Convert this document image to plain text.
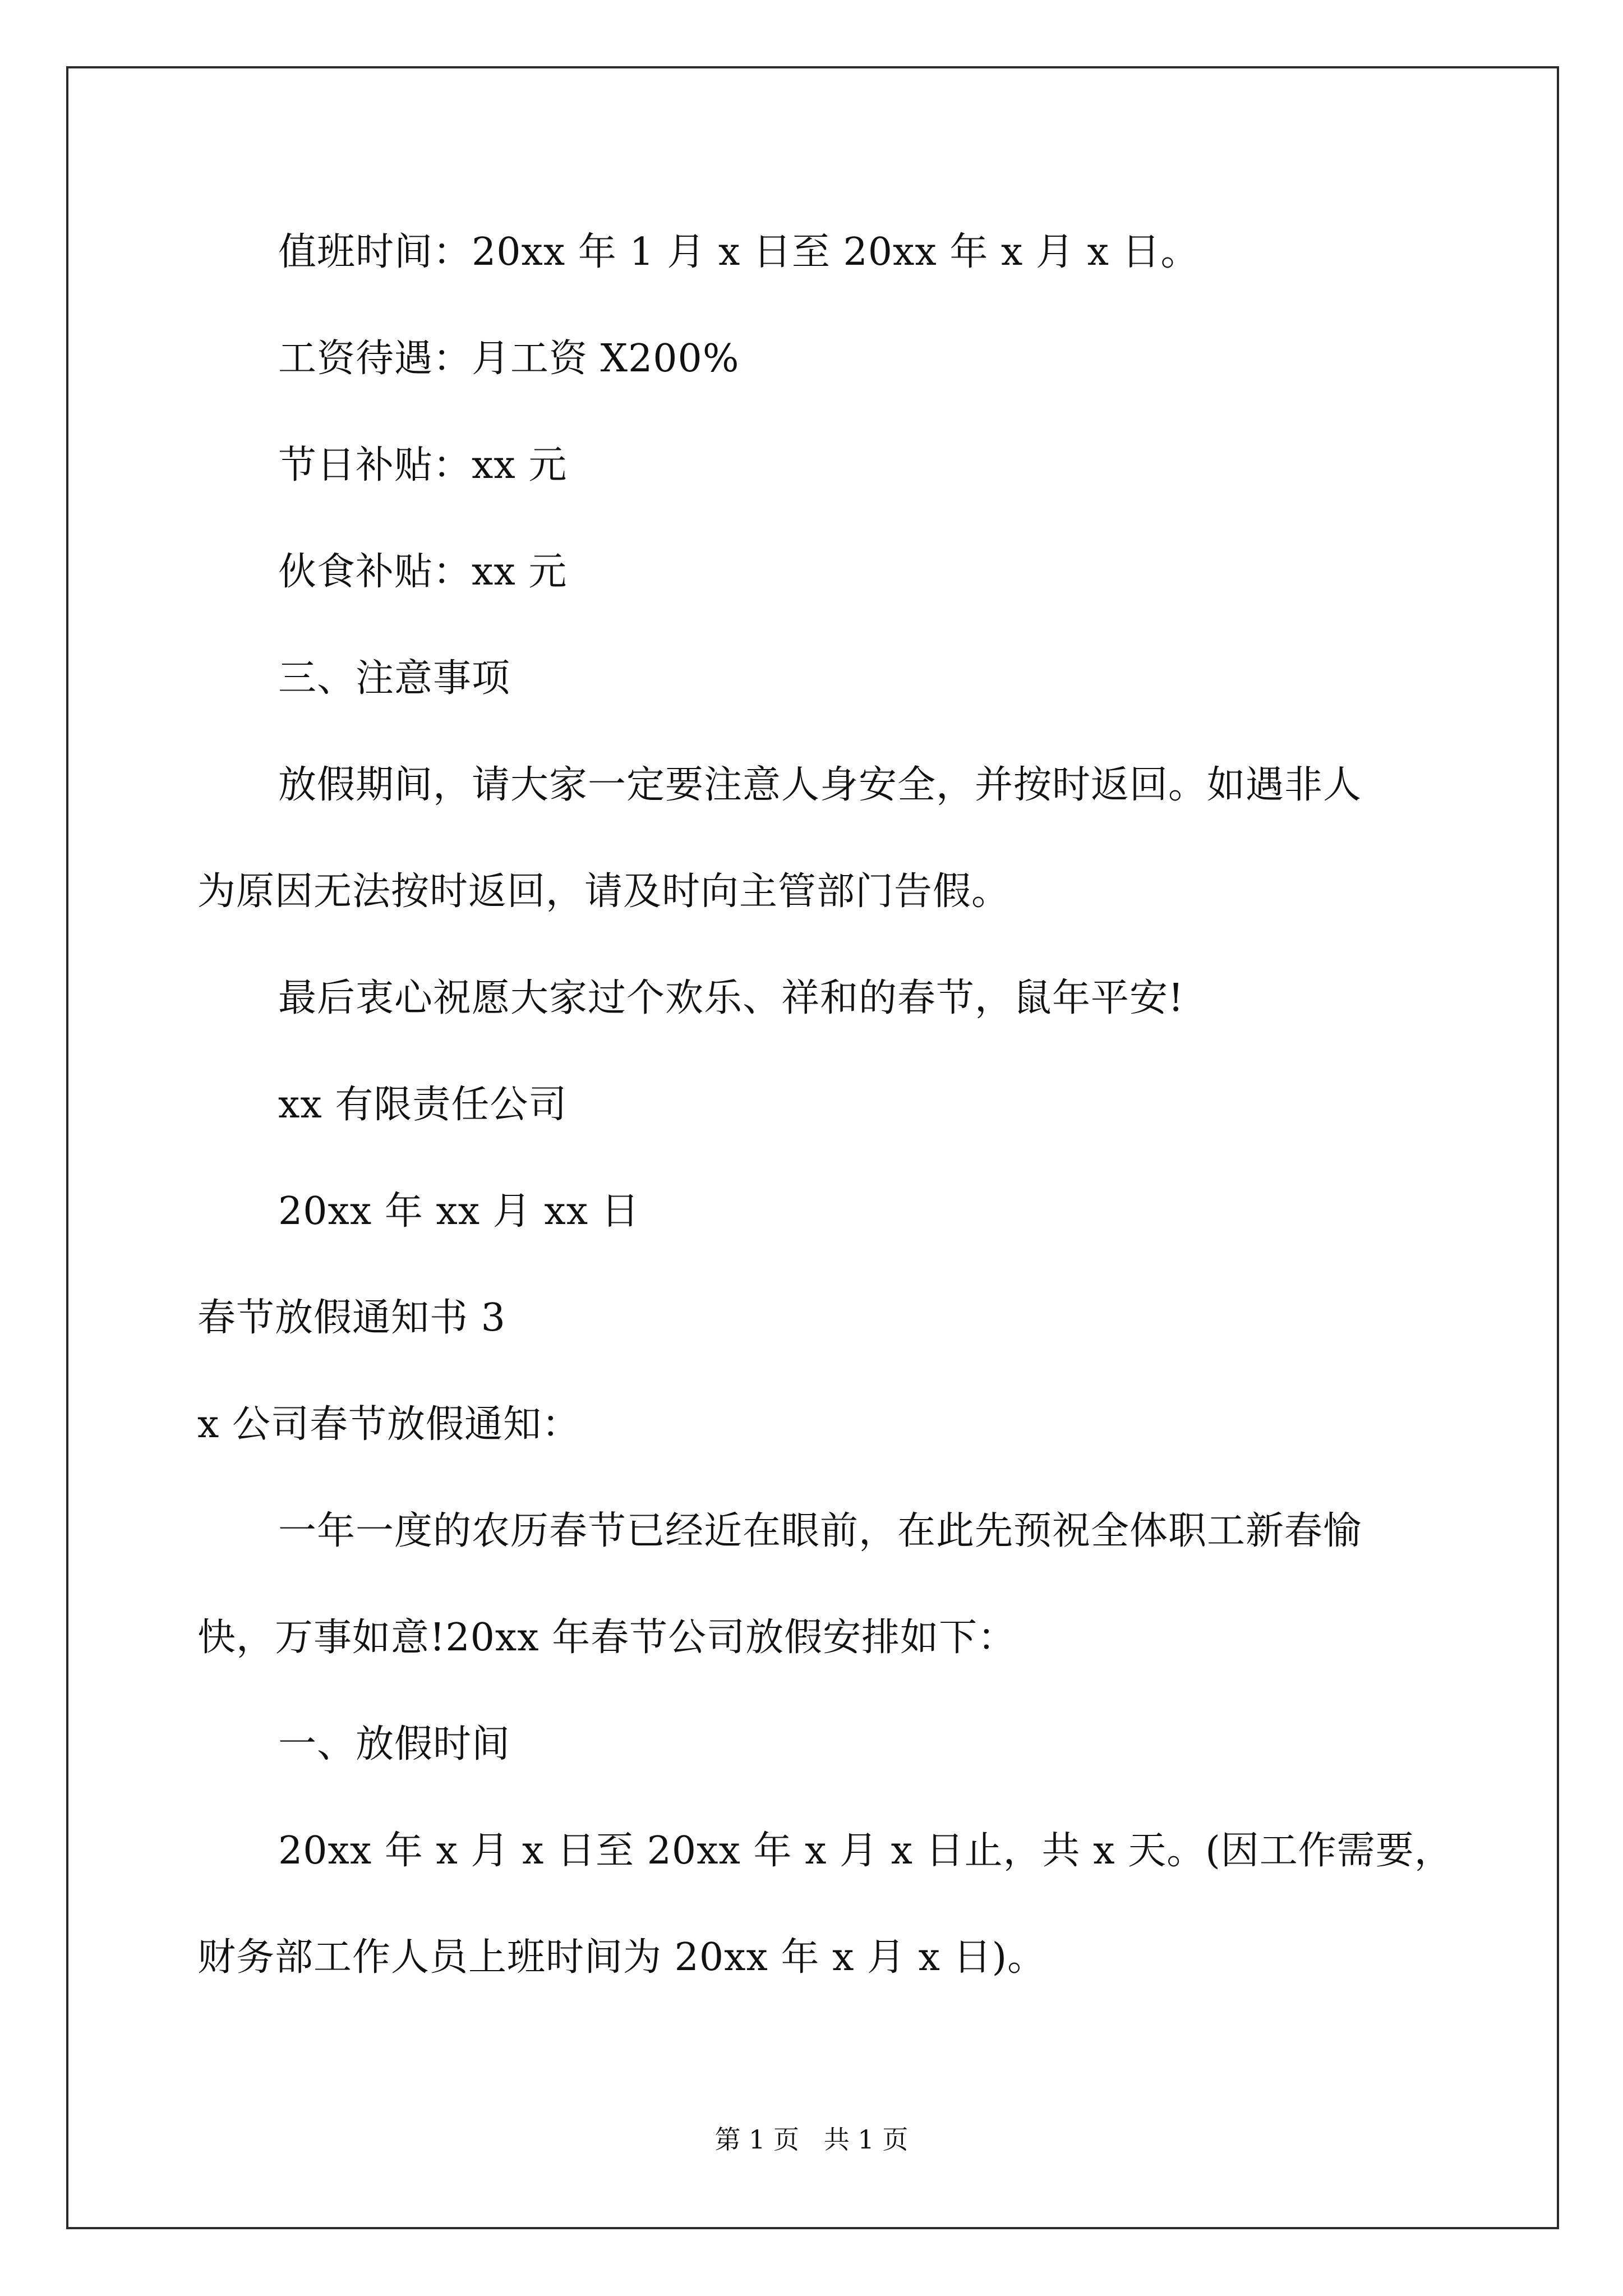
值班时间：20xx 年 1 月 x 日至 20xx 年 x 月 x 日。
工资待遇：月工资 X200%
节日补贴：xx 元
伙食补贴：xx 元
三、注意事项
放假期间，请大家一定要注意人身安全，并按时返回。如遇非人
为原因无法按时返回，请及时向主管部门告假。
最后衷心祝愿大家过个欢乐、祥和的春节，鼠年平安!
xx 有限责任公司
20xx 年 xx 月 xx 日
春节放假通知书 3
x 公司春节放假通知：
一年一度的农历春节已经近在眼前，在此先预祝全体职工新春愉
快，万事如意!20xx 年春节公司放假安排如下：
一、放假时间
20xx 年 x 月 x 日至 20xx 年 x 月 x 日止，共 x 天。(因工作需要，
财务部工作人员上班时间为 20xx 年 x 月 x 日)。
第 1 页   共 1 页
